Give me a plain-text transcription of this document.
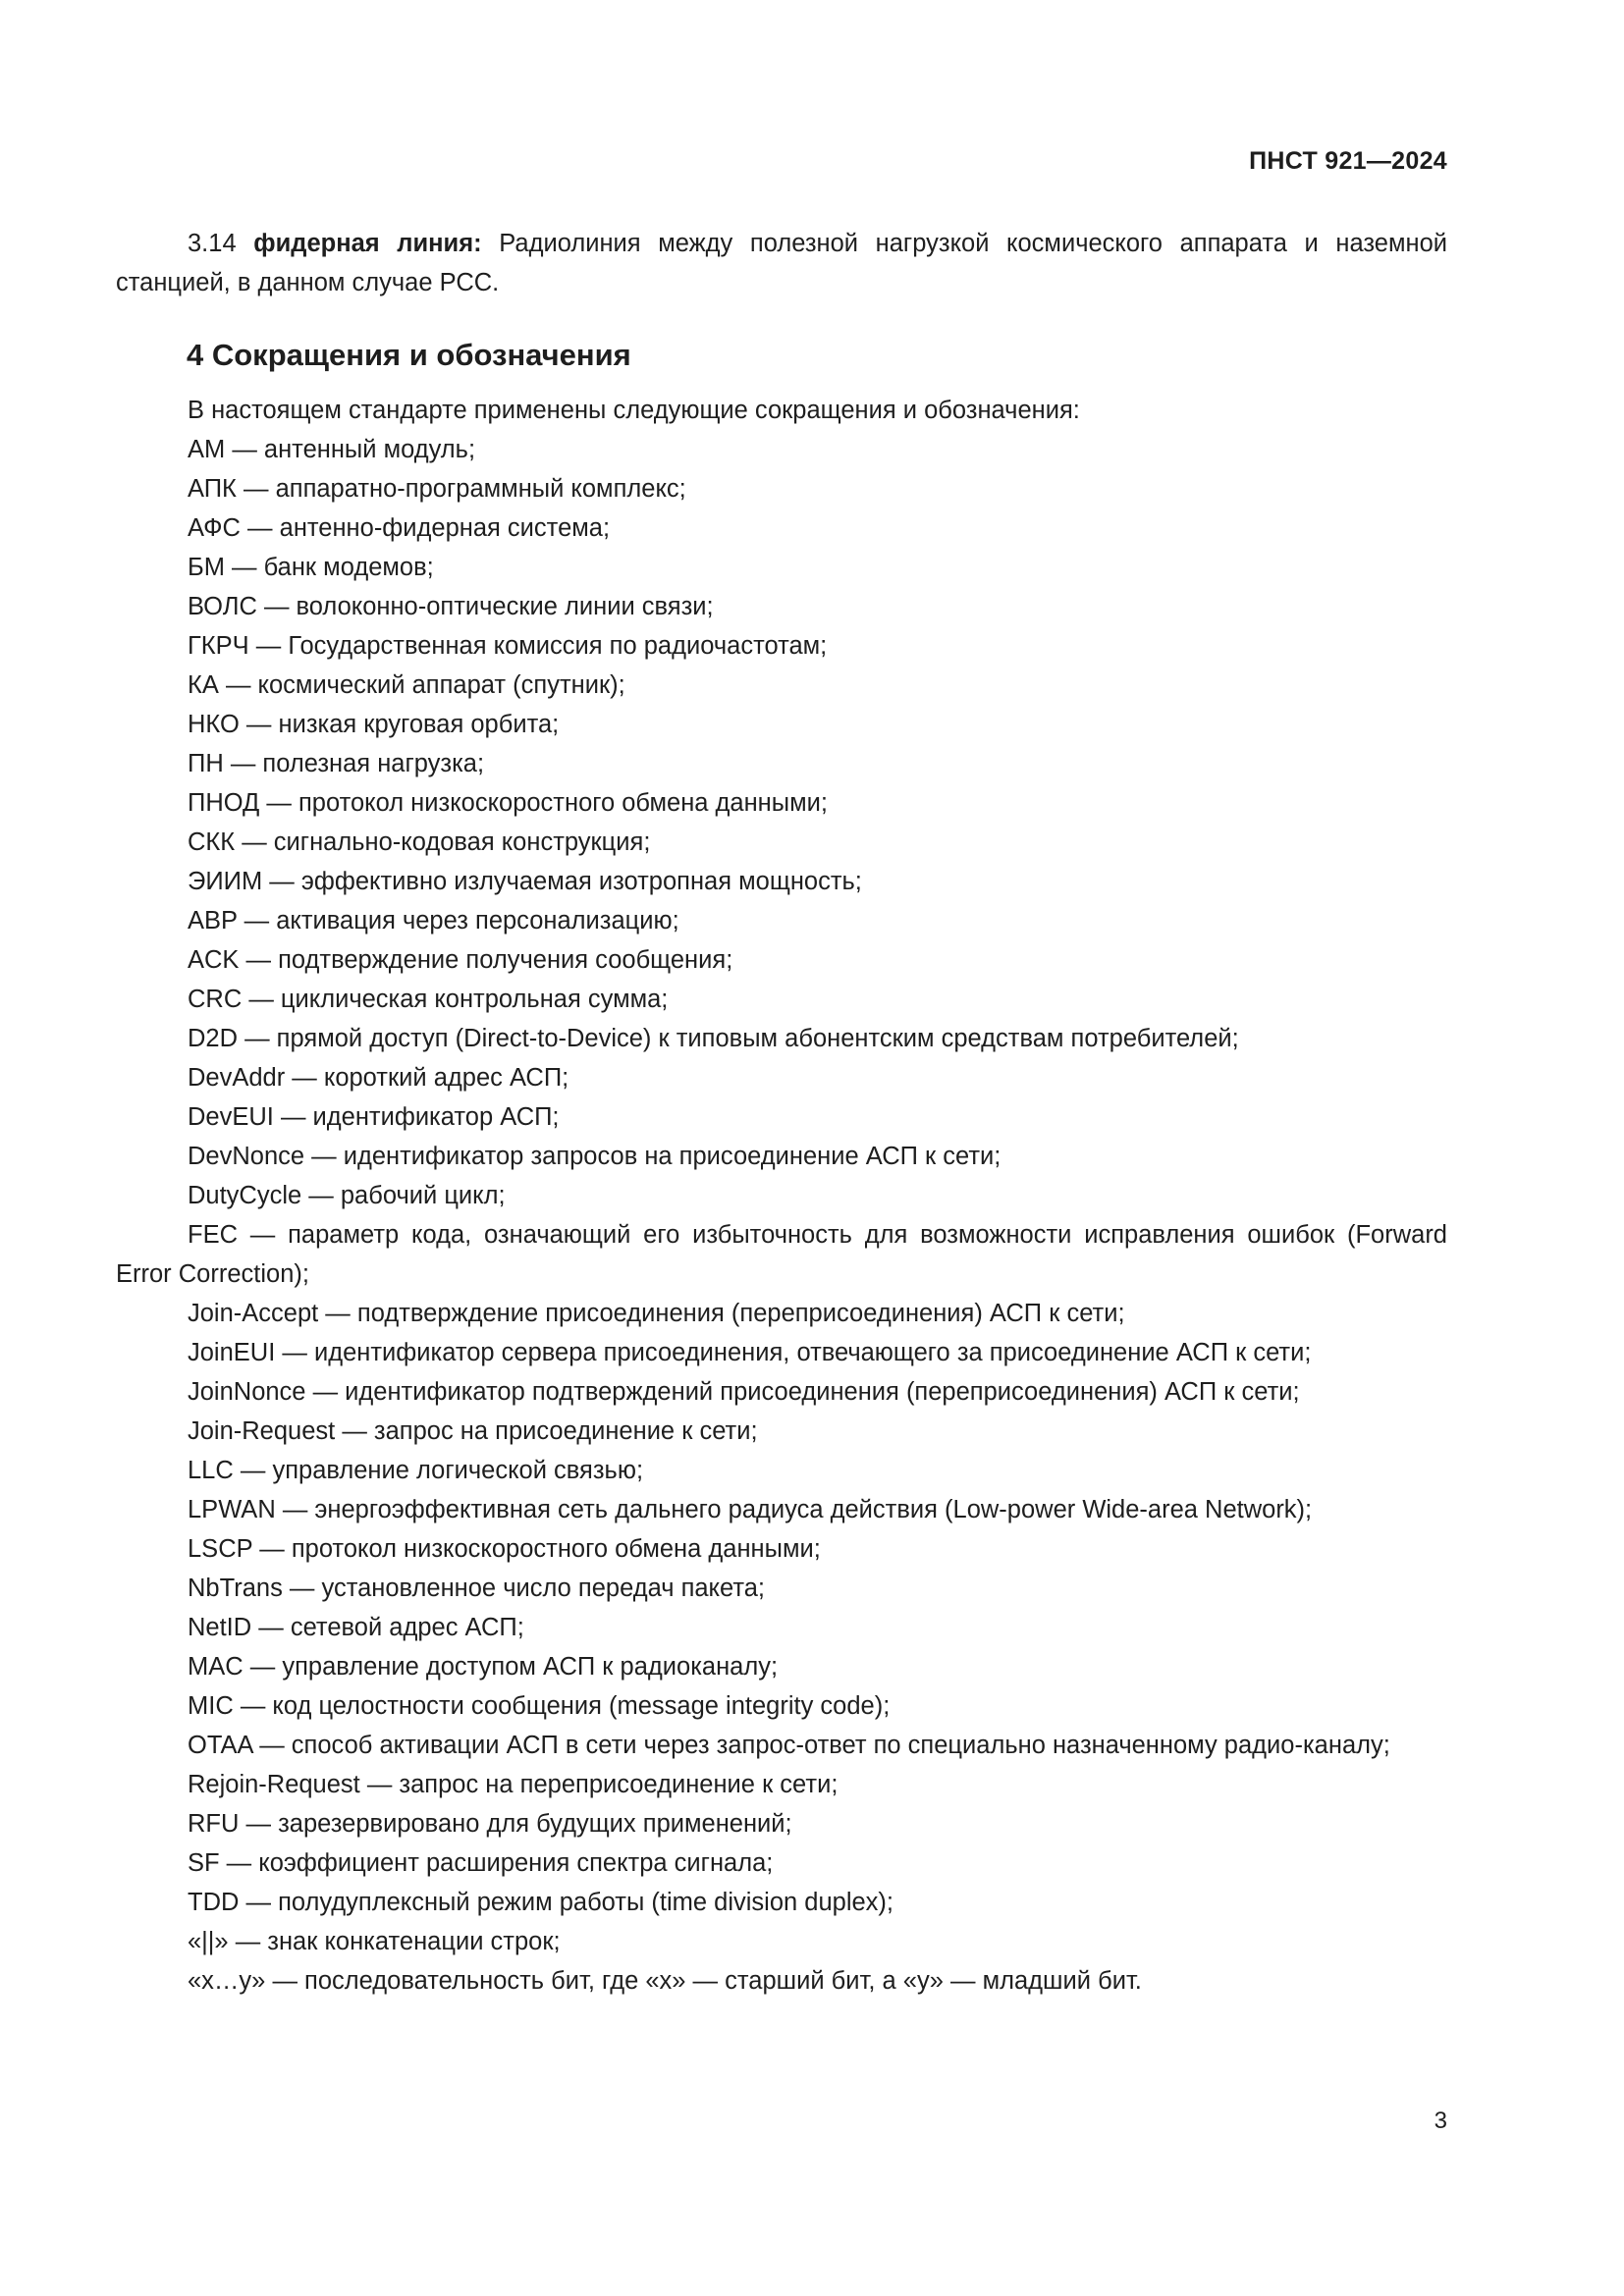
ПНСТ 921—2024

3.14 фидерная линия: Радиолиния между полезной нагрузкой космического аппарата и наземной станцией, в данном случае РСС.

4 Сокращения и обозначения

В настоящем стандарте применены следующие сокращения и обозначения:

АМ — антенный модуль;

АПК — аппаратно-программный комплекс;

АФС — антенно-фидерная система;

БМ — банк модемов;

ВОЛС — волоконно-оптические линии связи;

ГКРЧ — Государственная комиссия по радиочастотам;

КА — космический аппарат (спутник);

НКО — низкая круговая орбита;

ПН — полезная нагрузка;

ПНОД — протокол низкоскоростного обмена данными;

СКК — сигнально-кодовая конструкция;

ЭИИМ — эффективно излучаемая изотропная мощность;

ABP — активация через персонализацию;

ACK — подтверждение получения сообщения;

CRC — циклическая контрольная сумма;

D2D — прямой доступ (Direct-to-Device) к типовым абонентским средствам потребителей;

DevAddr — короткий адрес АСП;

DevEUI — идентификатор АСП;

DevNonce — идентификатор запросов на присоединение АСП к сети;

DutyCycle — рабочий цикл;

FEC — параметр кода, означающий его избыточность для возможности исправления ошибок (Forward Error Correction);

Join-Accept — подтверждение присоединения (переприсоединения) АСП к сети;

JoinEUI — идентификатор сервера присоединения, отвечающего за присоединение АСП к сети;

JoinNonce — идентификатор подтверждений присоединения (переприсоединения) АСП к сети;

Join-Request — запрос на присоединение к сети;

LLC — управление логической связью;

LPWAN — энергоэффективная сеть дальнего радиуса действия (Low-power Wide-area Network);

LSCP — протокол низкоскоростного обмена данными;

NbTrans — установленное число передач пакета;

NetID — сетевой адрес АСП;

MAC — управление доступом АСП к радиоканалу;

MIC — код целостности сообщения (message integrity code);

OTAA — способ активации АСП в сети через запрос-ответ по специально назначенному радио-каналу;

Rejoin-Request — запрос на переприсоединение к сети;

RFU — зарезервировано для будущих применений;

SF — коэффициент расширения спектра сигнала;

TDD — полудуплексный режим работы (time division duplex);

«||» — знак конкатенации строк;

«x…y» — последовательность бит, где «x» — старший бит, а «y» — младший бит.

3
